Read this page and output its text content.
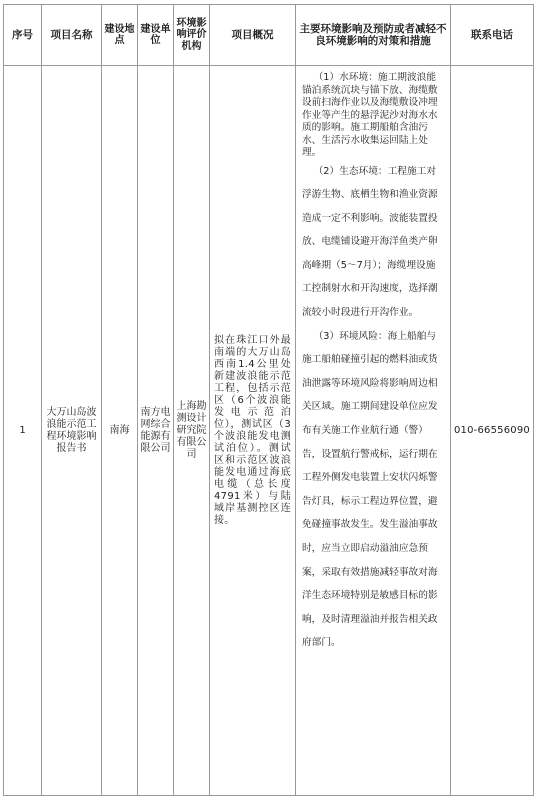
序号	项目名称	建设地点	建设单位	环境影响评价机构	项目概况	主要环境影响及预防或者减轻不良环境影响的对策和措施	联系电话
1	大万山岛波浪能示范工程环境影响报告书	南海	南方电网综合能源有限公司	上海勘测设计研究院有限公司	拟在珠江口外最南端的大万山岛西南1.4公里处新建波浪能示范工程，包括示范区（6个波浪能发电示范泊位），测试区（3个波浪能发电测试泊位）。测试区和示范区波浪能发电通过海底电缆（总长度4791米）与陆域岸基测控区连接。	（1）水环境：施工期波浪能锚泊系统沉块与锚下放、海缆敷设前扫海作业以及海缆敷设冲埋作业等产生的悬浮泥沙对海水水质的影响。施工期船舶含油污水、生活污水收集运回陆上处理。

（2）生态环境：工程施工对浮游生物、底栖生物和渔业资源造成一定不利影响。波能装置投放、电缆铺设避开海洋鱼类产卵高峰期（5～7月）；海缆埋设施工控制射水和开沟速度，选择潮流较小时段进行开沟作业。

（3）环境风险：海上船舶与施工船舶碰撞引起的燃料油或货油泄露等环境风险将影响周边相关区域。施工期间建设单位应发布有关施工作业航行通（警）告，设置航行警戒标，运行期在工程外侧发电装置上安状闪烁警告灯具，标示工程边界位置，避免碰撞事故发生。发生溢油事故时，应当立即启动溢油应急预案，采取有效措施减轻事故对海洋生态环境特别是敏感目标的影响，及时清理溢油并报告相关政府部门。	010-66556090
